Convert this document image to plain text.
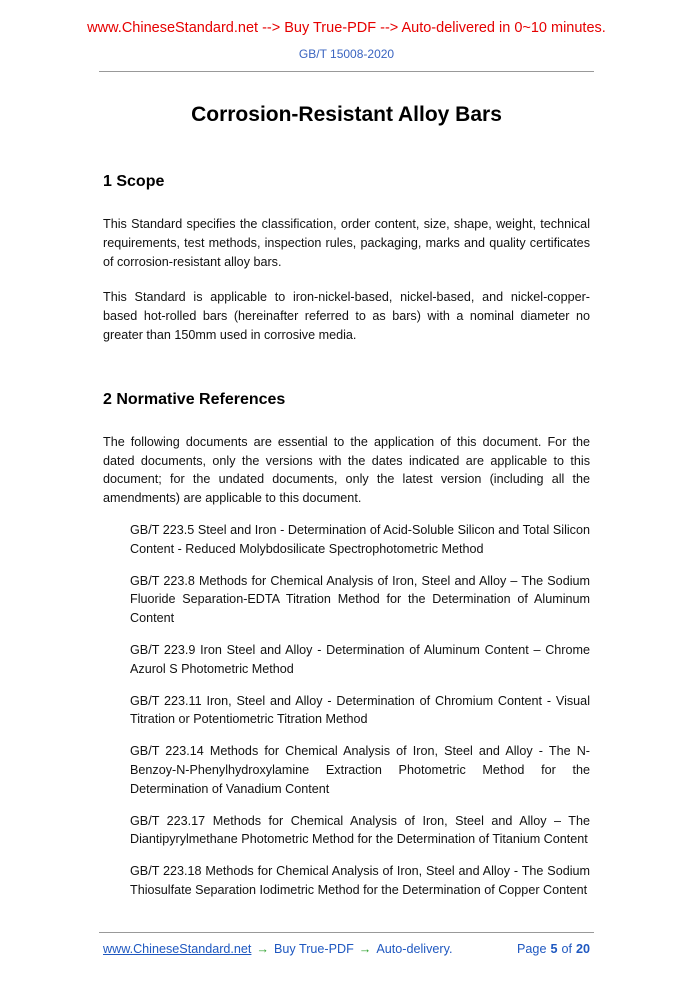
www.ChineseStandard.net --> Buy True-PDF --> Auto-delivered in 0~10 minutes.
GB/T 15008-2020
Corrosion-Resistant Alloy Bars
1 Scope

This Standard specifies the classification, order content, size, shape, weight, technical requirements, test methods, inspection rules, packaging, marks and quality certificates of corrosion-resistant alloy bars.

This Standard is applicable to iron-nickel-based, nickel-based, and nickel-copper-based hot-rolled bars (hereinafter referred to as bars) with a nominal diameter no greater than 150mm used in corrosive media.

2 Normative References

The following documents are essential to the application of this document. For the dated documents, only the versions with the dates indicated are applicable to this document; for the undated documents, only the latest version (including all the amendments) are applicable to this document.

GB/T 223.5 Steel and Iron - Determination of Acid-Soluble Silicon and Total Silicon Content - Reduced Molybdosilicate Spectrophotometric Method

GB/T 223.8 Methods for Chemical Analysis of Iron, Steel and Alloy – The Sodium Fluoride Separation-EDTA Titration Method for the Determination of Aluminum Content

GB/T 223.9 Iron Steel and Alloy - Determination of Aluminum Content – Chrome Azurol S Photometric Method

GB/T 223.11 Iron, Steel and Alloy - Determination of Chromium Content - Visual Titration or Potentiometric Titration Method

GB/T 223.14 Methods for Chemical Analysis of Iron, Steel and Alloy - The N-Benzoy-N-Phenylhydroxylamine Extraction Photometric Method for the Determination of Vanadium Content

GB/T 223.17 Methods for Chemical Analysis of Iron, Steel and Alloy – The Diantipyrylmethane Photometric Method for the Determination of Titanium Content

GB/T 223.18 Methods for Chemical Analysis of Iron, Steel and Alloy - The Sodium Thiosulfate Separation Iodimetric Method for the Determination of Copper Content

www.ChineseStandard.net → Buy True-PDF → Auto-delivery.	Page 5 of 20
